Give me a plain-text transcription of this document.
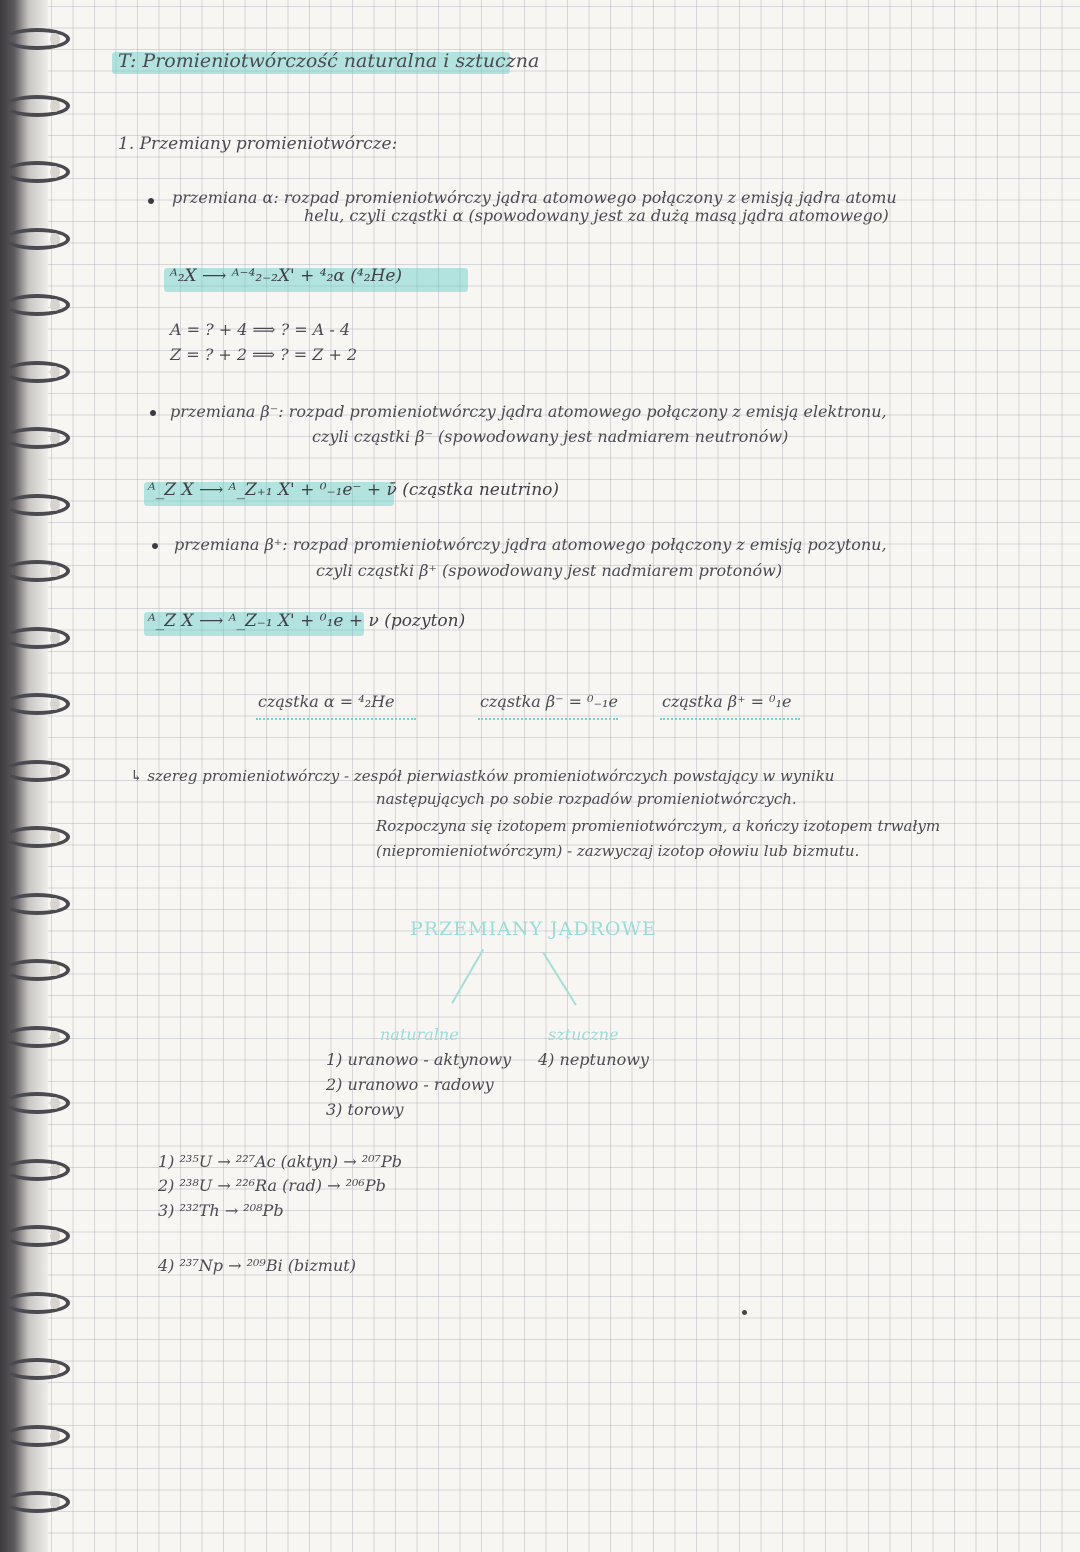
T: Promieniotwórczość naturalna i sztuczna
1. Przemiany promieniotwórcze:
przemiana α: rozpad promieniotwórczy jądra atomowego połączony z emisją jądra atomu
helu, czyli cząstki α (spowodowany jest za dużą masą jądra atomowego)
ᴬ₂X ⟶ ᴬ⁻⁴₂₋₂X' + ⁴₂α (⁴₂He)
A = ? + 4 ⟹ ? = A - 4
Z = ? + 2 ⟹ ? = Z + 2
przemiana β⁻: rozpad promieniotwórczy jądra atomowego połączony z emisją elektronu,
czyli cząstki β⁻ (spowodowany jest nadmiarem neutronów)
ᴬ_Z X ⟶ ᴬ_Z₊₁ X' + ⁰₋₁e⁻ + ν̄ (cząstka neutrino)
przemiana β⁺: rozpad promieniotwórczy jądra atomowego połączony z emisją pozytonu,
czyli cząstki β⁺ (spowodowany jest nadmiarem protonów)
ᴬ_Z X ⟶ ᴬ_Z₋₁ X' + ⁰₁e + ν (pozyton)
cząstka α = ⁴₂He	cząstka β⁻ = ⁰₋₁e	cząstka β⁺ = ⁰₁e
↳ szereg promieniotwórczy - zespół pierwiastków promieniotwórczych powstający w wyniku
następujących po sobie rozpadów promieniotwórczych.
Rozpoczyna się izotopem promieniotwórczym, a kończy izotopem trwałym
(niepromieniotwórczym) - zazwyczaj izotop ołowiu lub bizmutu.
PRZEMIANY JĄDROWE
naturalne	sztuczne
1) uranowo - aktynowy
2) uranowo - radowy
3) torowy
4) neptunowy
1) ²³⁵U → ²²⁷Ac (aktyn) → ²⁰⁷Pb
2) ²³⁸U → ²²⁶Ra (rad) → ²⁰⁶Pb
3) ²³²Th → ²⁰⁸Pb
4) ²³⁷Np → ²⁰⁹Bi (bizmut)
